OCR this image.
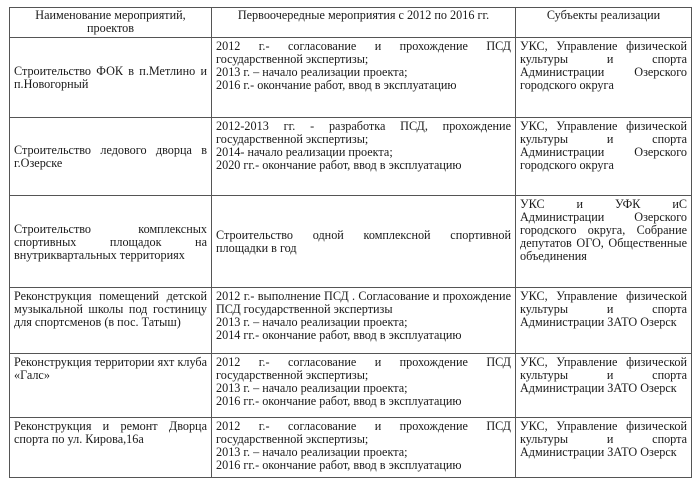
Наименование мероприятий, проектов	Первоочередные мероприятия с 2012 по 2016 гг.	Субъекты реализации
Строительство ФОК в п.Метлино и п.Новогорный	2012 г.- согласование и прохождение ПСД государственной экспертизы;
2013 г. – начало реализации проекта;
2016 г.- окончание работ, ввод в эксплуатацию	УКС, Управление физической культуры и спорта Администрации Озерского городского округа
Строительство ледового дворца в г.Озерске	2012-2013 гг. - разработка ПСД, прохождение государственной экспертизы;
2014- начало реализации проекта;
2020 гг.- окончание работ, ввод в эксплуатацию	УКС, Управление физической культуры и спорта Администрации Озерского городского округа
Строительство комплексных спортивных площадок на внутриквартальных территориях	Строительство одной комплексной спортивной площадки в год	УКС и УФК иС Администрации Озерского городского округа, Собрание депутатов ОГО, Общественные объединения
Реконструкция помещений детской музыкальной школы под гостиницу для спортсменов (в пос. Татыш)	2012 г.- выполнение ПСД . Согласование и прохождение ПСД государственной экспертизы
2013 г. – начало реализации проекта;
2014 гг.- окончание работ, ввод в эксплуатацию	УКС, Управление физической культуры и спорта Администрации ЗАТО Озерск
Реконструкция территории яхт клуба «Галс»	2012 г.- согласование и прохождение ПСД государственной экспертизы;
2013 г. – начало реализации проекта;
2016 гг.- окончание работ, ввод в эксплуатацию	УКС, Управление физической культуры и спорта Администрации ЗАТО Озерск
Реконструкция и ремонт Дворца спорта по ул. Кирова,16а	2012 г.- согласование и прохождение ПСД государственной экспертизы;
2013 г. – начало реализации проекта;
2016 гг.- окончание работ, ввод в эксплуатацию	УКС, Управление физической культуры и спорта Администрации ЗАТО Озерск
